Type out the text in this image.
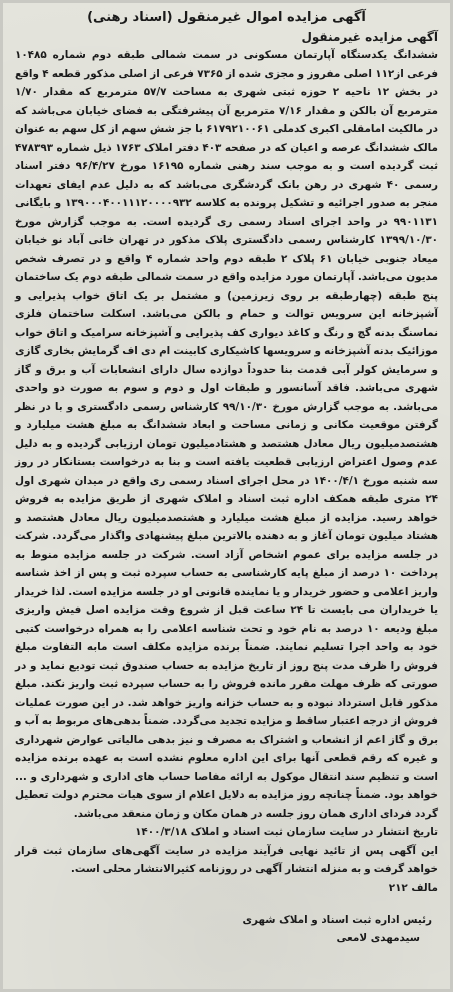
آگهی مزایده اموال غیرمنقول (اسناد رهنی)
آگهی مزایده غیرمنقول

ششدانگ یکدستگاه آپارتمان مسکونی در سمت شمالی طبقه دوم شماره ۱۰۴۸۵ فرعی از۱۱۲ اصلی مفروز و مجزی شده از ۷۳۶۵ فرعی از اصلی مذکور قطعه ۴ واقع در بخش ۱۲ ناحیه ۲ حوزه ثبتی شهری به مساحت ۵۷/۷ مترمربع که مقدار ۱/۷۰ مترمربع آن بالکن و مقدار ۷/۱۶ مترمربع آن پیشرفتگی به فضای خیابان می‌باشد که در مالکیت امامقلی اکبری کدملی ۶۱۷۹۲۱۰۰۶۱ با جز شش سهم از کل سهم به عنوان مالک ششدانگ عرصه و اعیان که در صفحه ۴۰۳ دفتر املاک ۱۷۶۳ ذیل شماره ۴۷۸۳۹۳ ثبت گردیده است و به موجب سند رهنی شماره ۱۶۱۹۵ مورخ ۹۶/۴/۲۷ دفتر اسناد رسمی ۴۰ شهری در رهن بانک گردشگری می‌باشد که به دلیل عدم ایفای تعهدات منجر به صدور اجرائیه و تشکیل پرونده به کلاسه ۱۳۹۰۰۰۴۰۰۱۱۱۲۰۰۰۰۹۳۲ و بایگانی ۹۹۰۱۱۳۱ در واحد اجرای اسناد رسمی ری گردیده است. به موجب گزارش مورخ ۱۳۹۹/۱۰/۳۰ کارشناس رسمی دادگستری پلاک مذکور در تهران خانی آباد نو خیابان میعاد جنوبی خیابان ۶۱ پلاک ۲ طبقه دوم واحد شماره ۴ واقع و در تصرف شخص مدیون می‌باشد. آپارتمان مورد مزایده واقع در سمت شمالی طبقه دوم یک ساختمان پنج طبقه (چهارطبقه بر روی زیرزمین) و مشتمل بر یک اتاق خواب پذیرایی و آشپزخانه این سرویس توالت و حمام و بالکن می‌باشد. اسکلت ساختمان فلزی نماسنگ بدنه گچ و رنگ و کاغذ دیواری کف پذیرایی و آشپزخانه سرامیک و اتاق خواب موزائیک بدنه آشپزخانه و سرویسها کاشیکاری کابینت ام دی اف گرمایش بخاری گازی و سرمایش کولر آبی قدمت بنا حدوداً دوازده سال دارای انشعابات آب و برق و گاز شهری می‌باشد. فاقد آسانسور و طبقات اول و دوم و سوم به صورت دو واحدی می‌باشد. به موجب گزارش مورخ ۹۹/۱۰/۳۰ کارشناس رسمی دادگستری و با در نظر گرفتن موقعیت مکانی و زمانی مساحت و ابعاد ششدانگ به مبلغ هشت میلیارد و هشتصدمیلیون ریال معادل هشتصد و هشتادمیلیون تومان ارزیابی گردیده و به دلیل عدم وصول اعتراض ارزیابی قطعیت یافته است و بنا به درخواست بستانکار در روز سه شنبه مورخ ۱۴۰۰/۴/۱ در محل اجرای اسناد رسمی ری واقع در میدان شهری اول ۲۴ متری طبقه همکف اداره ثبت اسناد و املاک شهری از طریق مزایده به فروش خواهد رسید. مزایده از مبلغ هشت میلیارد و هشتصدمیلیون ریال معادل هشتصد و هشتاد میلیون تومان آغاز و به دهنده بالاترین مبلغ پیشنهادی واگذار می‌گردد. شرکت در جلسه مزایده برای عموم اشخاص آزاد است. شرکت در جلسه مزایده منوط به پرداخت ۱۰ درصد از مبلغ پایه کارشناسی به حساب سپرده ثبت و پس از اخذ شناسه واریز اعلامی و حضور خریدار و یا نماینده قانونی او در جلسه مزایده است. لذا خریدار یا خریداران می بایست تا ۲۴ ساعت قبل از شروع وقت مزایده اصل فیش واریزی مبلغ ودیعه ۱۰ درصد به نام خود و تحت شناسه اعلامی را به همراه درخواست کتبی خود به واحد اجرا تسلیم نمایند. ضمناً برنده مزایده مکلف است مابه التفاوت مبلغ فروش را ظرف مدت پنج روز از تاریخ مزایده به حساب صندوق ثبت تودیع نماید و در صورتی که ظرف مهلت مقرر مانده فروش را به حساب سپرده ثبت واریز نکند. مبلغ مذکور قابل استرداد نبوده و به حساب خزانه واریز خواهد شد. در این صورت عملیات فروش از درجه اعتبار ساقط و مزایده تجدید می‌گردد. ضمناً بدهی‌های مربوط به آب و برق و گاز اعم از انشعاب و اشتراک به مصرف و نیز بدهی مالیاتی عوارض شهرداری و غیره که رقم قطعی آنها برای این اداره معلوم نشده است به عهده برنده مزایده است و تنظیم سند انتقال موکول به ارائه مفاصا حساب های اداری و شهرداری و ... خواهد بود. ضمناً چنانچه روز مزایده به دلایل اعلام از سوی هیات محترم دولت تعطیل گردد فردای اداری همان روز جلسه در همان مکان و زمان منعقد می‌باشد.

تاریخ انتشار در سایت سازمان ثبت اسناد و املاک ۱۴۰۰/۳/۱۸

این آگهی پس از تائید نهایی فرآیند مزایده در سایت آگهی‌های سازمان ثبت قرار خواهد گرفت و به منزله انتشار آگهی در روزنامه کثیرالانتشار محلی است.

مالف ۲۱۲
رئیس اداره ثبت اسناد و املاک شهری
سیدمهدی لامعی
